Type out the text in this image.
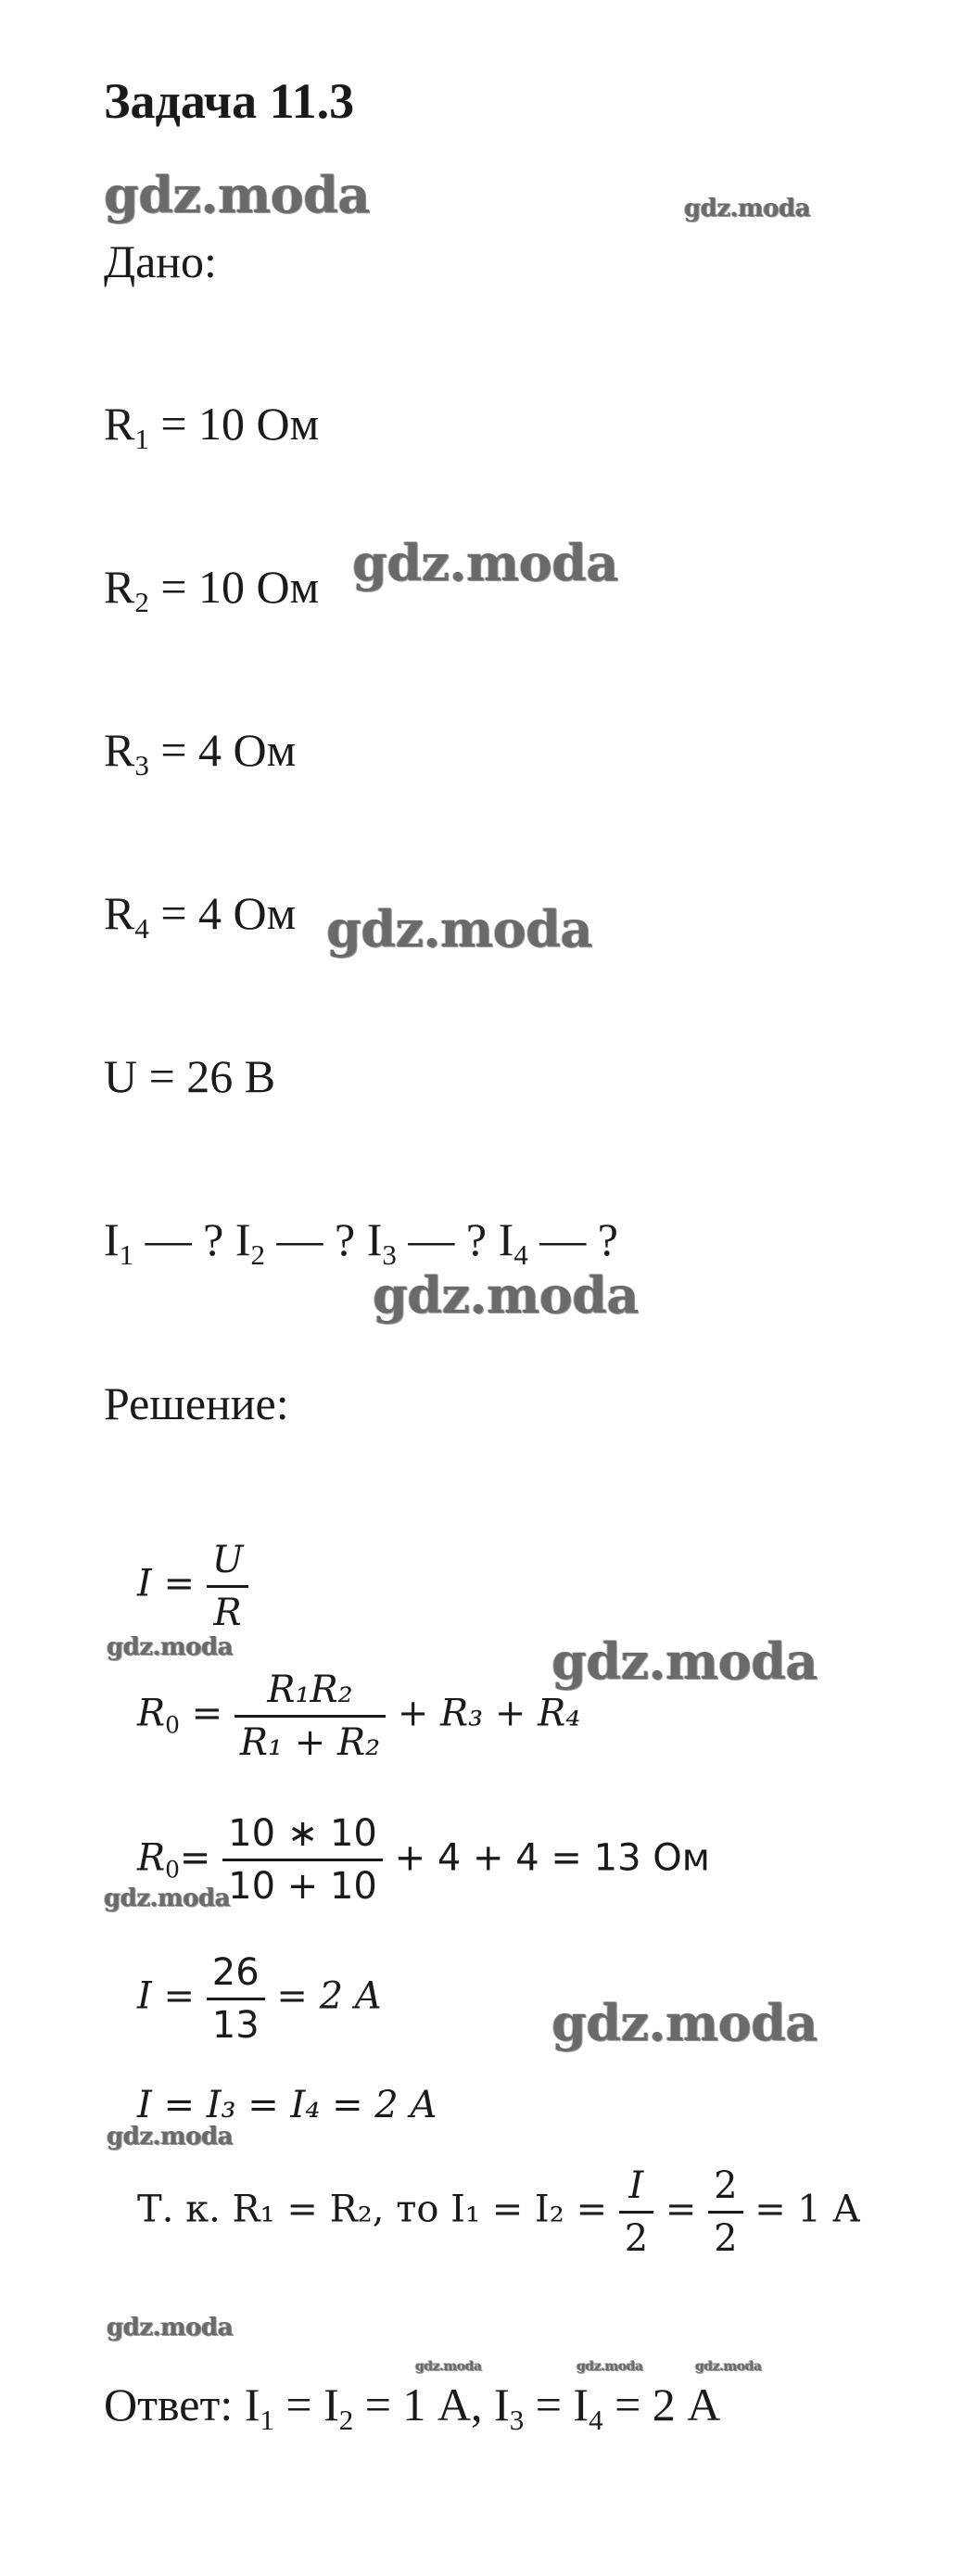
Задача 11.3
gdz.moda	gdz.moda
gdz.moda
gdz.moda
gdz.moda
gdz.moda	gdz.moda
gdz.moda
gdz.moda
gdz.moda
gdz.moda
gdz.moda	gdz.moda	gdz.moda
Дано:
$R_1 = 10$ Ом
$R_2 = 10$ Ом
$R_3 = 4$ Ом
$R_4 = 4$ Ом
U = 26 В
$I_1$ — ? $I_2$ — ? $I_3$ — ? $I_4$ — ?
Решение:
$I = \frac{U}{R}$
$R_0 = \frac{\text{R₁R₂}}{\text{R₁ + R₂}} + R_3 + R_4$
$R_0= \frac{10 ∗ 10}{10 + 10} + 4 + 4 = 13$ Ом
$I = \frac{26}{13} = 2$ A
I = I₃ = I₄ = 2 A
Т. к. R₁ = R₂, то $I_1 = I_2 = \frac{I}{2} = \frac{2}{2} = 1$ A
Ответ: $I_1 = I_2 = 1$ А, $I_3 = I_4 = 2$ А
